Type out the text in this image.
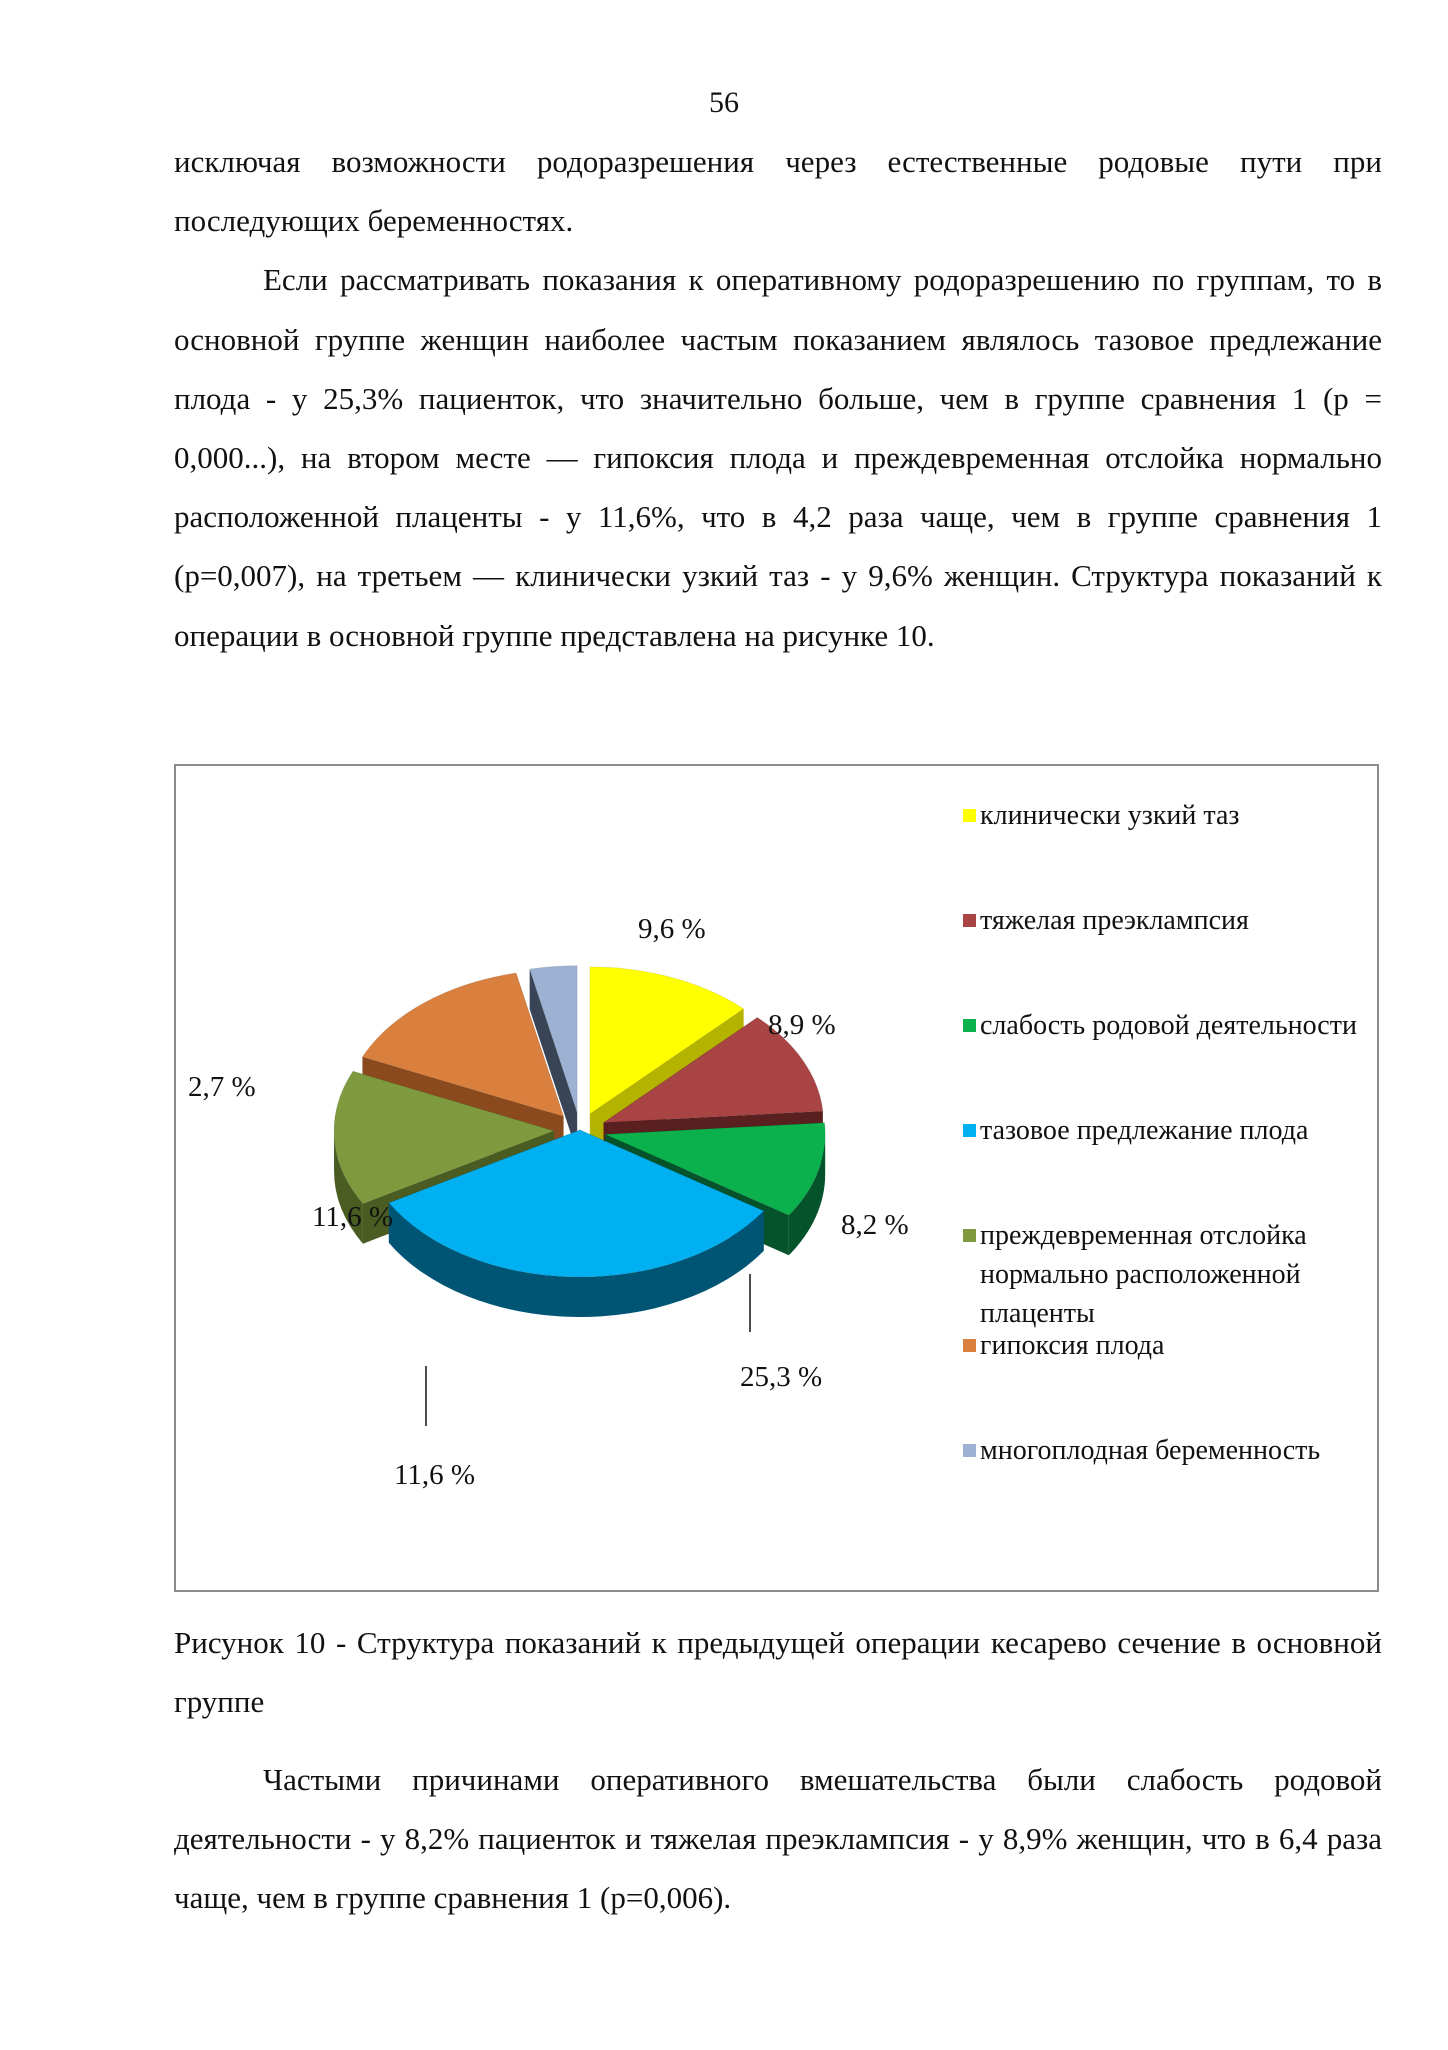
56

исключая возможности родоразрешения через естественные родовые пути при последующих беременностях.

Если рассматривать показания к оперативному родоразрешению по группам, то в основной группе женщин наиболее частым показанием являлось тазовое предлежание плода - у 25,3% пациенток, что значительно больше, чем в группе сравнения 1 (р = 0,000...), на втором месте — гипоксия плода и преждевременная отслойка нормально расположенной плаценты - у 11,6%, что в 4,2 раза чаще, чем в группе сравнения 1 (р=0,007), на третьем — клинически узкий таз - у 9,6% женщин. Структура показаний к операции в основной группе представлена на рисунке 10.

9,6 %
8,9 %
8,2 %
25,3 %
11,6 %
11,6 %
2,7 %
клинически узкий таз
тяжелая преэклампсия
слабость родовой деятельности
тазовое предлежание плода
преждевременная отслойка нормально расположенной плаценты
гипоксия плода
многоплодная беременность
Рисунок 10 - Структура показаний к предыдущей операции кесарево сечение в основной группе

Частыми причинами оперативного вмешательства были слабость родовой деятельности - у 8,2% пациенток и тяжелая преэклампсия - у 8,9% женщин, что в 6,4 раза чаще, чем в группе сравнения 1 (р=0,006).
